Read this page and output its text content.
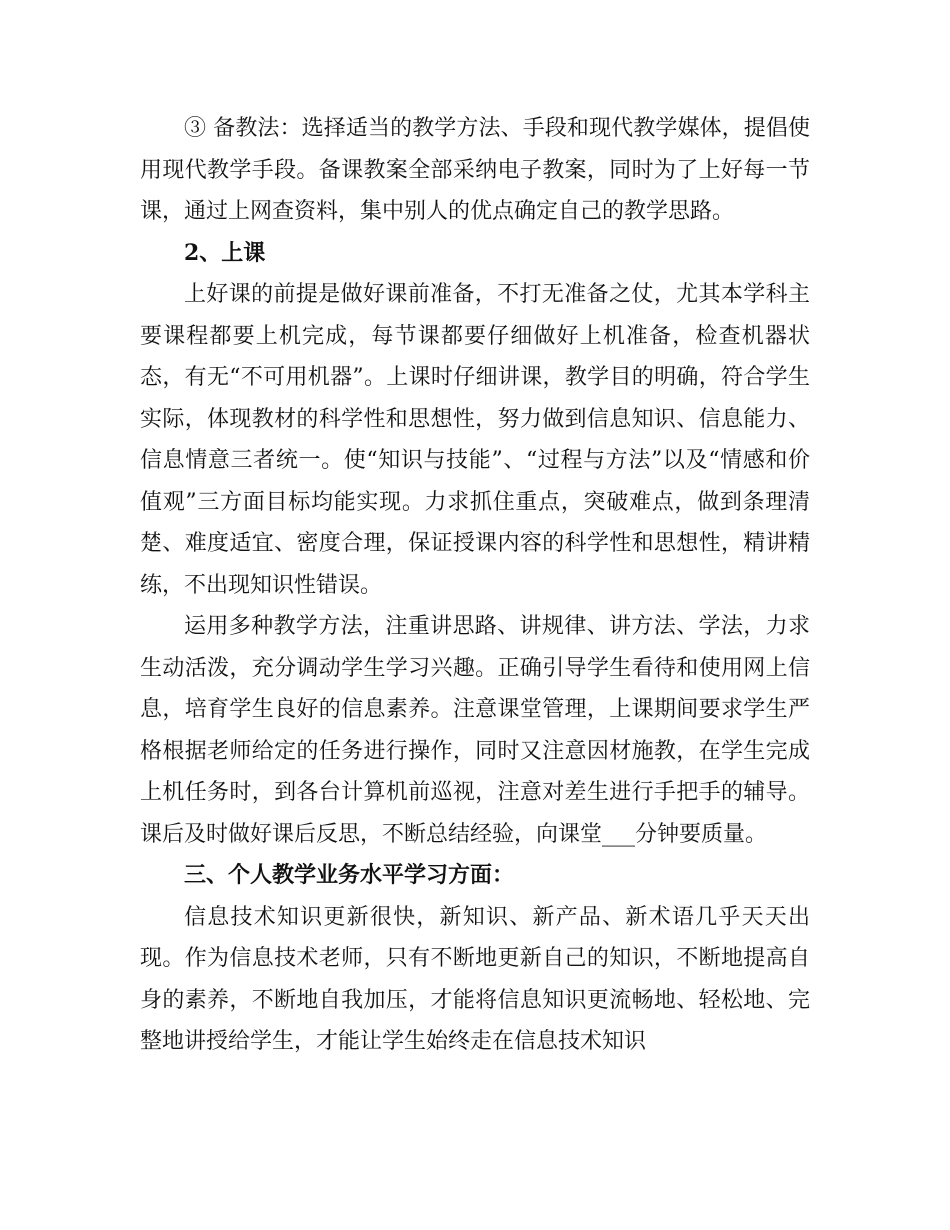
③ 备教法：选择适当的教学方法、手段和现代教学媒体，提倡使用现代教学手段。备课教案全部采纳电子教案，同时为了上好每一节课，通过上网查资料，集中别人的优点确定自己的教学思路。

2、上课

上好课的前提是做好课前准备，不打无准备之仗，尤其本学科主要课程都要上机完成，每节课都要仔细做好上机准备，检查机器状态，有无“不可用机器”。上课时仔细讲课，教学目的明确，符合学生实际，体现教材的科学性和思想性，努力做到信息知识、信息能力、信息情意三者统一。使“知识与技能”、“过程与方法”以及“情感和价值观”三方面目标均能实现。力求抓住重点，突破难点，做到条理清楚、难度适宜、密度合理，保证授课内容的科学性和思想性，精讲精练，不出现知识性错误。

运用多种教学方法，注重讲思路、讲规律、讲方法、学法，力求生动活泼，充分调动学生学习兴趣。正确引导学生看待和使用网上信息，培育学生良好的信息素养。注意课堂管理，上课期间要求学生严格根据老师给定的任务进行操作，同时又注意因材施教，在学生完成上机任务时，到各台计算机前巡视，注意对差生进行手把手的辅导。课后及时做好课后反思，不断总结经验，向课堂___分钟要质量。

三、个人教学业务水平学习方面：

信息技术知识更新很快，新知识、新产品、新术语几乎天天出现。作为信息技术老师，只有不断地更新自己的知识，不断地提高自身的素养，不断地自我加压，才能将信息知识更流畅地、轻松地、完整地讲授给学生，才能让学生始终走在信息技术知识
